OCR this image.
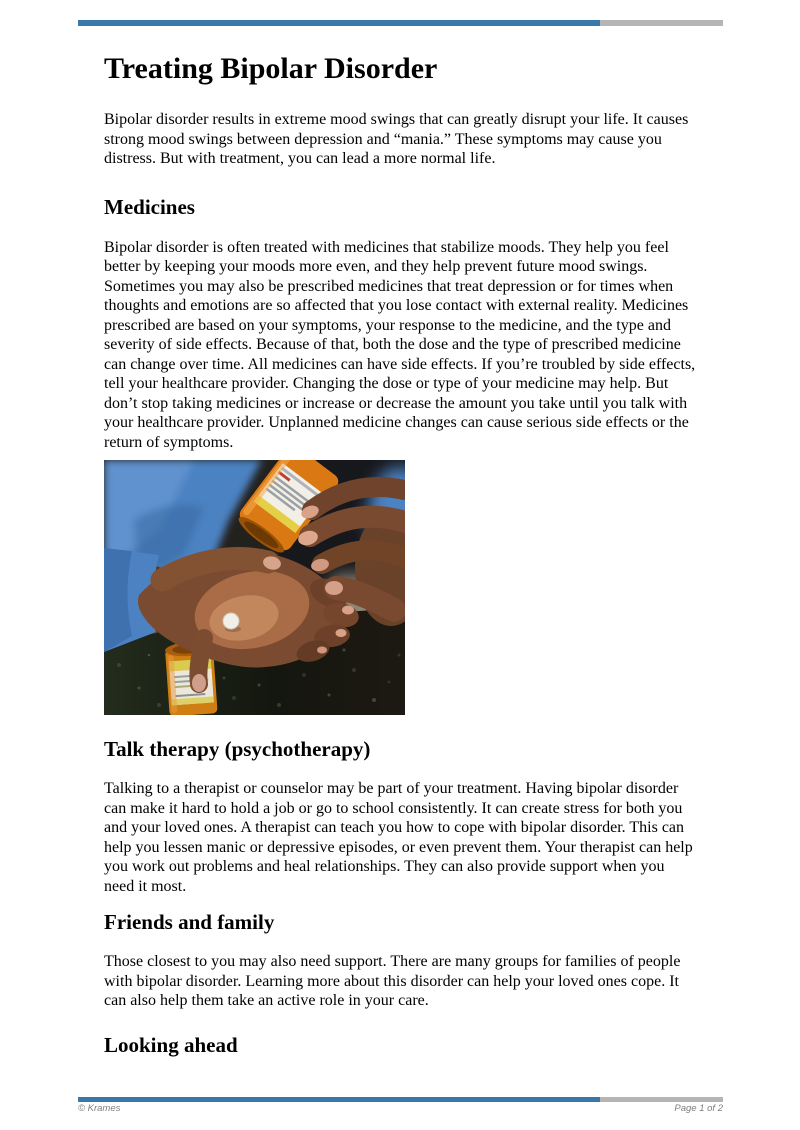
Treating Bipolar Disorder

Bipolar disorder results in extreme mood swings that can greatly disrupt your life. It causes strong mood swings between depression and “mania.” These symptoms may cause you distress. But with treatment, you can lead a more normal life.

Medicines

Bipolar disorder is often treated with medicines that stabilize moods. They help you feel better by keeping your moods more even, and they help prevent future mood swings. Sometimes you may also be prescribed medicines that treat depression or for times when thoughts and emotions are so affected that you lose contact with external reality. Medicines prescribed are based on your symptoms, your response to the medicine, and the type and severity of side effects. Because of that, both the dose and the type of prescribed medicine can change over time. All medicines can have side effects. If you’re troubled by side effects, tell your healthcare provider. Changing the dose or type of your medicine may help. But don’t stop taking medicines or increase or decrease the amount you take until you talk with your healthcare provider. Unplanned medicine changes can cause serious side effects or the return of symptoms.

Talk therapy (psychotherapy)

Talking to a therapist or counselor may be part of your treatment. Having bipolar disorder can make it hard to hold a job or go to school consistently. It can create stress for both you and your loved ones. A therapist can teach you how to cope with bipolar disorder. This can help you lessen manic or depressive episodes, or even prevent them. Your therapist can help you work out problems and heal relationships. They can also provide support when you need it most.

Friends and family

Those closest to you may also need support. There are many groups for families of people with bipolar disorder. Learning more about this disorder can help your loved ones cope. It can also help them take an active role in your care.

Looking ahead
© Krames	Page 1 of 2
